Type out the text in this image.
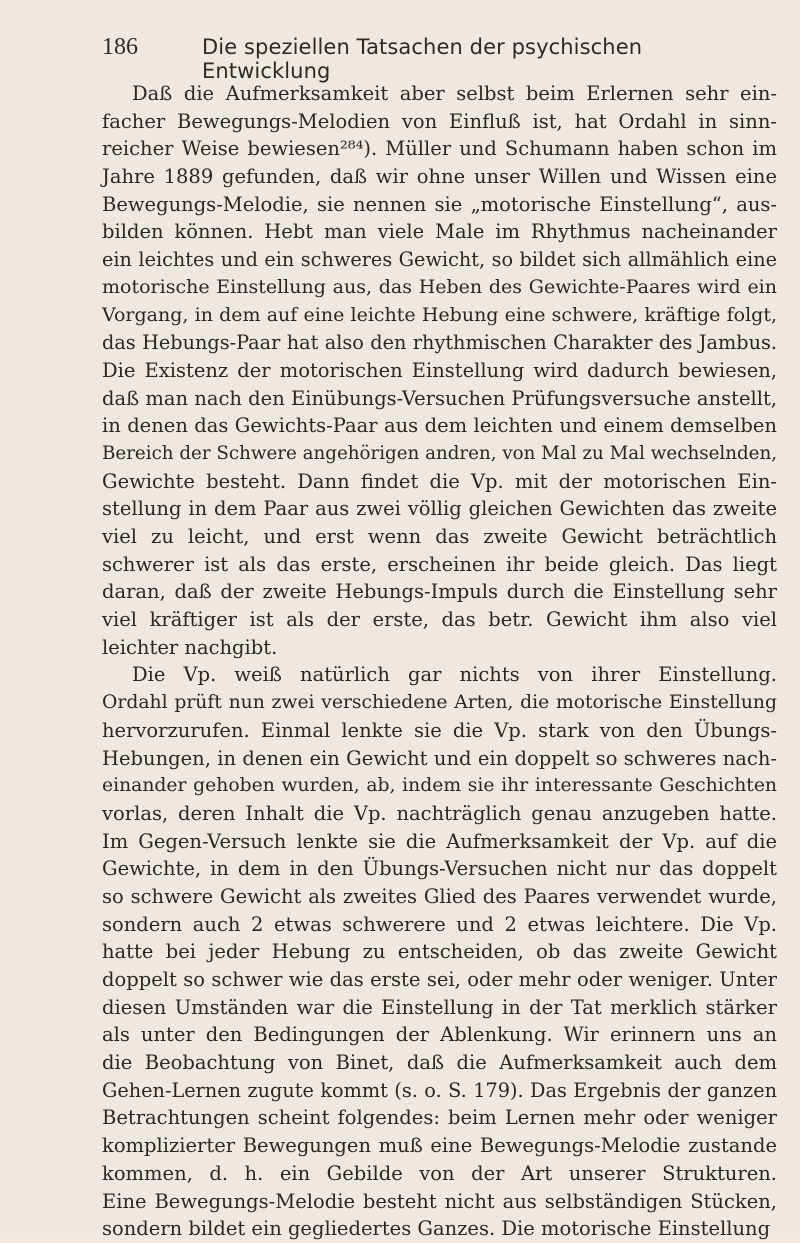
186	Die speziellen Tatsachen der psychischen Entwicklung
Daß die Aufmerksamkeit aber selbst beim Erlernen sehr ein-
facher Bewegungs-Melodien von Einfluß ist, hat Ordahl in sinn-
reicher Weise bewiesen²⁸⁴). Müller und Schumann haben schon im
Jahre 1889 gefunden, daß wir ohne unser Willen und Wissen eine
Bewegungs-Melodie, sie nennen sie „motorische Einstellung“, aus-
bilden können. Hebt man viele Male im Rhythmus nacheinander
ein leichtes und ein schweres Gewicht, so bildet sich allmählich eine
motorische Einstellung aus, das Heben des Gewichte-Paares wird ein
Vorgang, in dem auf eine leichte Hebung eine schwere, kräftige folgt,
das Hebungs-Paar hat also den rhythmischen Charakter des Jambus.
Die Existenz der motorischen Einstellung wird dadurch bewiesen,
daß man nach den Einübungs-Versuchen Prüfungsversuche anstellt,
in denen das Gewichts-Paar aus dem leichten und einem demselben
Bereich der Schwere angehörigen andren, von Mal zu Mal wechselnden,
Gewichte besteht. Dann findet die Vp. mit der motorischen Ein-
stellung in dem Paar aus zwei völlig gleichen Gewichten das zweite
viel zu leicht, und erst wenn das zweite Gewicht beträchtlich
schwerer ist als das erste, erscheinen ihr beide gleich. Das liegt
daran, daß der zweite Hebungs-Impuls durch die Einstellung sehr
viel kräftiger ist als der erste, das betr. Gewicht ihm also viel
leichter nachgibt.
Die Vp. weiß natürlich gar nichts von ihrer Einstellung.
Ordahl prüft nun zwei verschiedene Arten, die motorische Einstellung
hervorzurufen. Einmal lenkte sie die Vp. stark von den Übungs-
Hebungen, in denen ein Gewicht und ein doppelt so schweres nach-
einander gehoben wurden, ab, indem sie ihr interessante Geschichten
vorlas, deren Inhalt die Vp. nachträglich genau anzugeben hatte.
Im Gegen-Versuch lenkte sie die Aufmerksamkeit der Vp. auf die
Gewichte, in dem in den Übungs-Versuchen nicht nur das doppelt
so schwere Gewicht als zweites Glied des Paares verwendet wurde,
sondern auch 2 etwas schwerere und 2 etwas leichtere. Die Vp.
hatte bei jeder Hebung zu entscheiden, ob das zweite Gewicht
doppelt so schwer wie das erste sei, oder mehr oder weniger. Unter
diesen Umständen war die Einstellung in der Tat merklich stärker
als unter den Bedingungen der Ablenkung. Wir erinnern uns an
die Beobachtung von Binet, daß die Aufmerksamkeit auch dem
Gehen-Lernen zugute kommt (s. o. S. 179). Das Ergebnis der ganzen
Betrachtungen scheint folgendes: beim Lernen mehr oder weniger
komplizierter Bewegungen muß eine Bewegungs-Melodie zustande
kommen, d. h. ein Gebilde von der Art unserer Strukturen.
Eine Bewegungs-Melodie besteht nicht aus selbständigen Stücken,
sondern bildet ein gegliedertes Ganzes. Die motorische Einstellung
